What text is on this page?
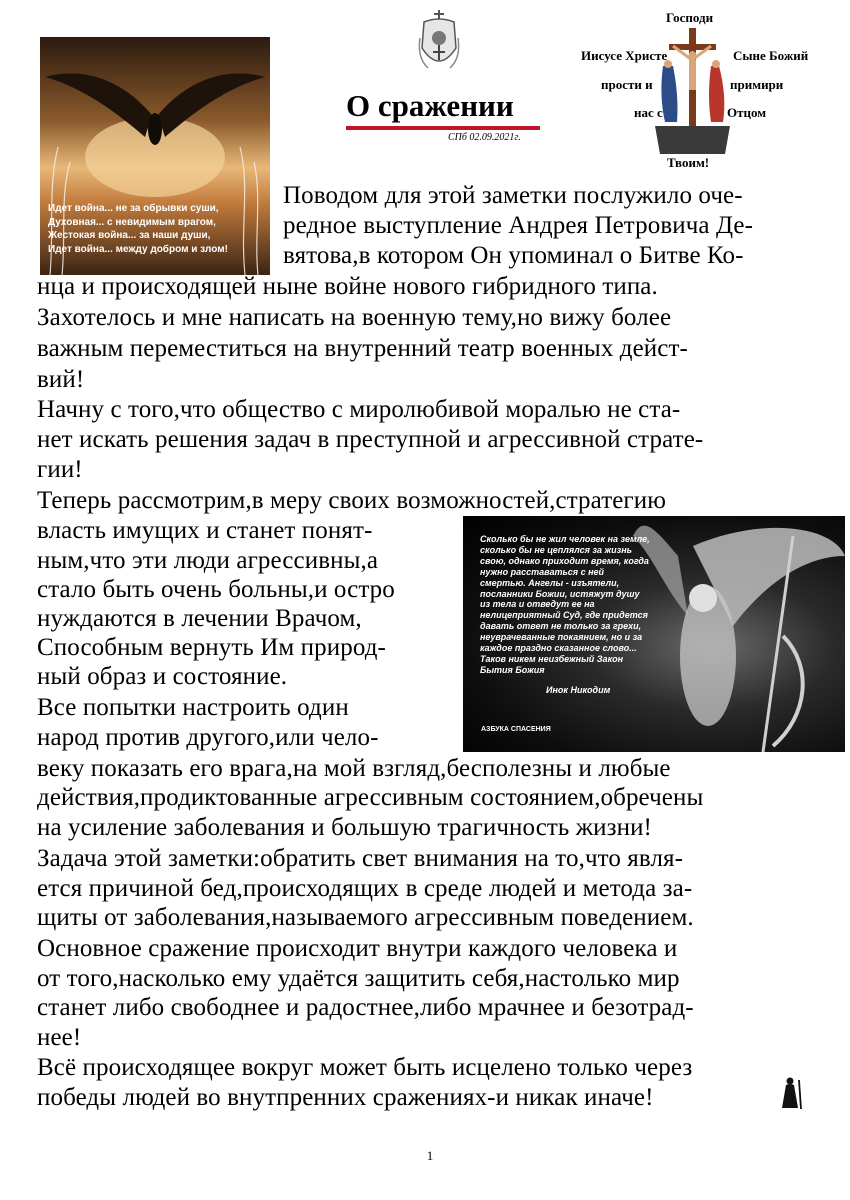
Идет война... не за обрывки суши,
Духовная... с невидимым врагом,
Жестокая война... за наши души,
Идет война... между добром и злом!
О сражении
СПб 02.09.2021г.
Господи
Иисусе Христе	Сыне Божий
прости и	примири
нас с	Отцом
Твоим!
Сколько бы не жил человек на земле, сколько бы не цеплялся за жизнь свою, однако приходит время, когда нужно расставаться с ней смертью. Ангелы - изъятели, посланники Божии, истяжут душу из тела и отведут ее на нелицеприятный Суд, где придется давать ответ не только за грехи, неуврачеванные покаянием, но и за каждое праздно сказанное слово... Таков никем неизбежный Закон Бытия Божия
Инок Никодим
АЗБУКА СПАСЕНИЯ
Поводом для этой заметки послужило оче-
редное выступление Андрея Петровича Де-
вятова,в котором Он упоминал о Битве Ко-
нца и происходящей ныне войне нового гибридного типа.
Захотелось и мне написать на военную тему,но вижу более
важным переместиться на внутренний театр военных дейст-
вий!
Начну с того,что общество с миролюбивой моралью не ста-
нет искать решения задач в преступной и агрессивной страте-
гии!
Теперь рассмотрим,в меру своих возможностей,стратегию
власть имущих и станет понят-
ным,что эти люди агрессивны,а
стало быть очень больны,и остро
нуждаются в лечении Врачом,
Способным вернуть Им природ-
ный образ и состояние.
Все попытки настроить один
народ против другого,или чело-
веку показать его врага,на мой взгляд,бесполезны и любые
действия,продиктованные агрессивным состоянием,обречены
на усиление заболевания и большую трагичность жизни!
Задача этой заметки:обратить свет внимания на то,что явля-
ется причиной бед,происходящих в среде людей и метода за-
щиты от заболевания,называемого агрессивным поведением.
Основное сражение происходит внутри каждого человека и
от того,насколько ему удаётся защитить себя,настолько мир
станет либо свободнее и радостнее,либо мрачнее и безотрад-
нее!
Всё происходящее вокруг может быть исцелено только через
победы людей во внутпренних сражениях-и никак иначе!
1
